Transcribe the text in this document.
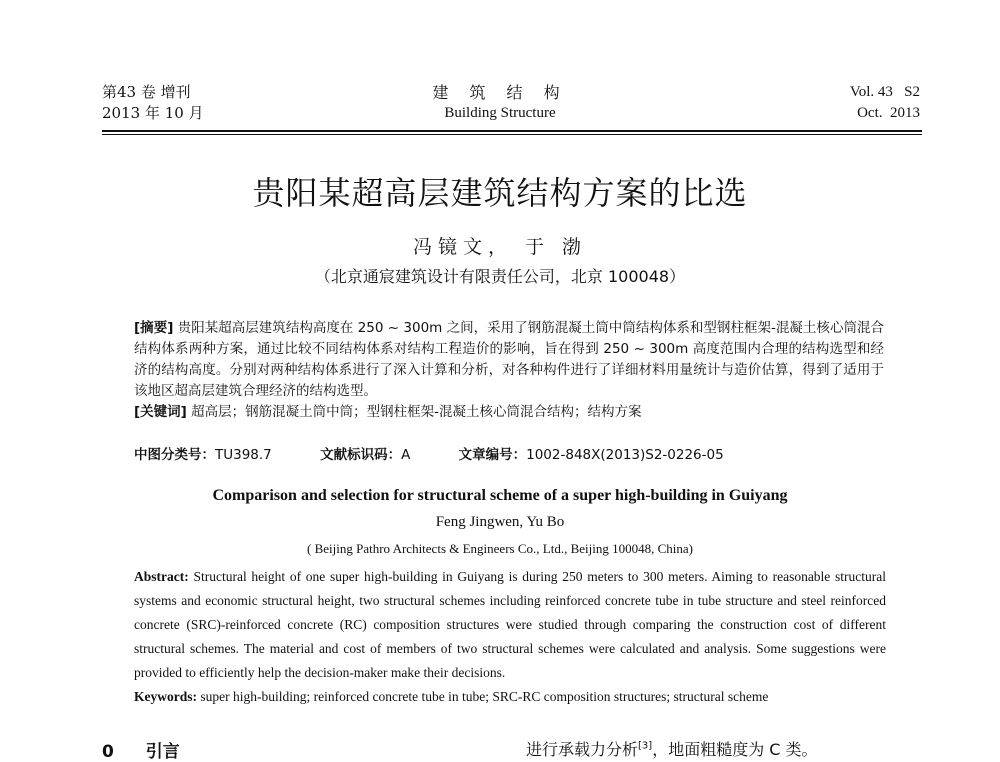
第43 卷 增刊
2013 年 10 月
建 筑 结 构
Building Structure
Vol. 43   S2
Oct.  2013
贵阳某超高层建筑结构方案的比选
冯镜文， 于 渤
（北京通宸建筑设计有限责任公司，北京 100048）
[摘要] 贵阳某超高层建筑结构高度在 250 ~ 300m 之间，采用了钢筋混凝土筒中筒结构体系和型钢柱框架-混凝土核心筒混合结构体系两种方案，通过比较不同结构体系对结构工程造价的影响，旨在得到 250 ~ 300m 高度范围内合理的结构选型和经济的结构高度。分别对两种结构体系进行了深入计算和分析，对各种构件进行了详细材料用量统计与造价估算，得到了适用于该地区超高层建筑合理经济的结构选型。
[关键词] 超高层；钢筋混凝土筒中筒；型钢柱框架-混凝土核心筒混合结构；结构方案
中图分类号：TU398.7	文献标识码：A	文章编号：1002-848X(2013)S2-0226-05
Comparison and selection for structural scheme of a super high-building in Guiyang
Feng Jingwen, Yu Bo
( Beijing Pathro Architects & Engineers Co., Ltd., Beijing 100048, China)
Abstract: Structural height of one super high-building in Guiyang is during 250 meters to 300 meters. Aiming to reasonable structural systems and economic structural height, two structural schemes including reinforced concrete tube in tube structure and steel reinforced concrete (SRC)-reinforced concrete (RC) composition structures were studied through comparing the construction cost of different structural schemes. The material and cost of members of two structural schemes were calculated and analysis. Some suggestions were provided to efficiently help the decision-maker make their decisions.
Keywords: super high-building; reinforced concrete tube in tube; SRC-RC composition structures; structural scheme
0 引言	进行承载力分析[3]，地面粗糙度为 C 类。
